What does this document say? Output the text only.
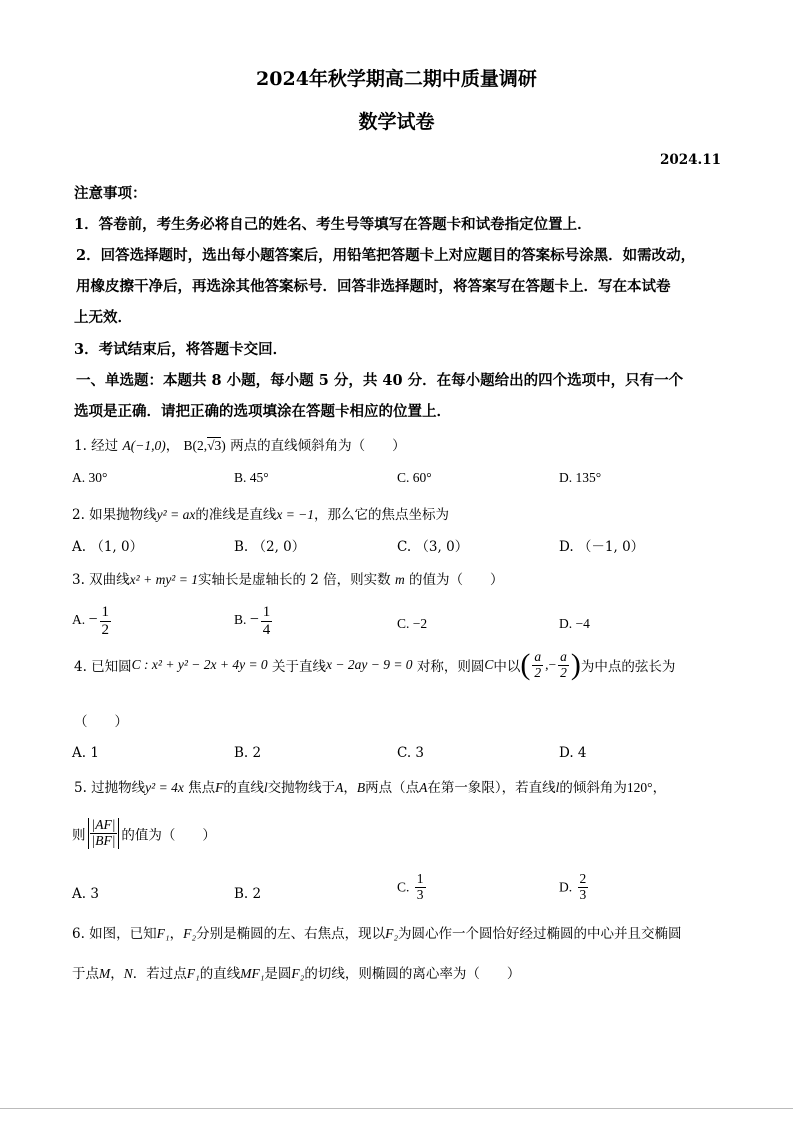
2024年秋学期高二期中质量调研
数学试卷
2024.11
注意事项：
1．答卷前，考生务必将自己的姓名、考生号等填写在答题卡和试卷指定位置上．
2．回答选择题时，选出每小题答案后，用铅笔把答题卡上对应题目的答案标号涂黑．如需改动，
用橡皮擦干净后，再选涂其他答案标号．回答非选择题时，将答案写在答题卡上．写在本试卷
上无效．
3．考试结束后，将答题卡交回．
一、单选题：本题共 8 小题，每小题 5 分，共 40 分．在每小题给出的四个选项中，只有一个
选项是正确．请把正确的选项填涂在答题卡相应的位置上．
1. 经过 A(−1,0)， B(2,√3) 两点的直线倾斜角为（　　）
A. 30°	B. 45°	C. 60°	D. 135°
2. 如果抛物线y² = ax的准线是直线x = −1，那么它的焦点坐标为
A. （1, 0）	B. （2, 0）	C. （3, 0）	D. （－1, 0）
3. 双曲线x² + my² = 1实轴长是虚轴长的 2 倍，则实数 m 的值为（　　）
A. − $\frac{1}{2}$	B. − $\frac{1}{4}$	C. −2	D. −4
4. 已知圆C : x² + y² − 2x + 4y = 0 关于直线x − 2ay − 9 = 0 对称，则圆C中以( $\frac{a}{2}$ ,− $\frac{a}{2}$ )为中点的弦长为
（　　）
A. 1	B. 2	C. 3	D. 4
5. 过抛物线y² = 4x 焦点F的直线l交抛物线于A，B两点（点A在第一象限），若直线l的倾斜角为120°，
则 $\frac{|AF|}{|BF|}$ 的值为（　　）
A. 3	B. 2	C. $\frac{1}{3}$	D. $\frac{2}{3}$
6. 如图，已知F₁，F₂分别是椭圆的左、右焦点，现以F₂为圆心作一个圆恰好经过椭圆的中心并且交椭圆
于点M，N．若过点F₁的直线MF₁是圆F₂的切线，则椭圆的离心率为（　　）
